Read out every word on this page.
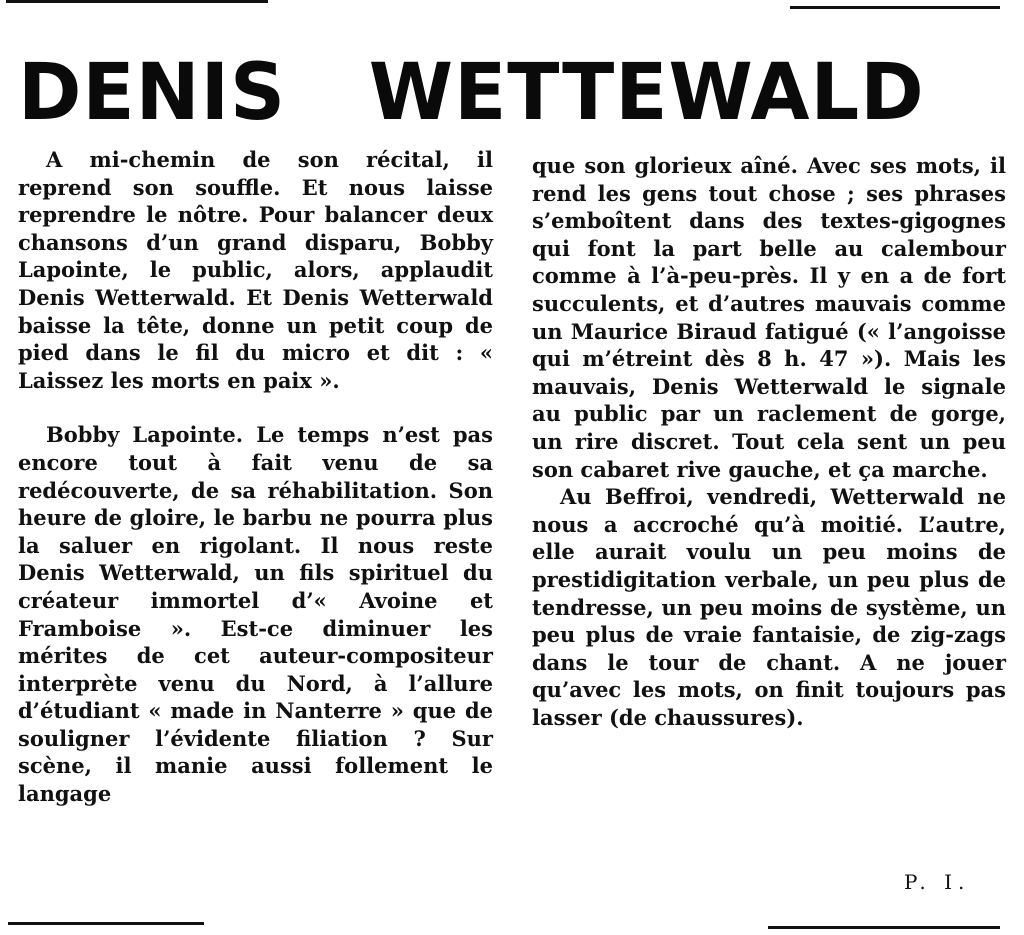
DENIS   WETTEWALD

A mi-chemin de son récital, il reprend son souffle. Et nous laisse reprendre le nôtre. Pour balancer deux chansons d’un grand disparu, Bobby Lapointe, le public, alors, applaudit Denis Wetterwald. Et Denis Wetterwald baisse la tête, donne un petit coup de pied dans le fil du micro et dit : « Laissez les morts en paix ».

Bobby Lapointe. Le temps n’est pas encore tout à fait venu de sa redécouverte, de sa réhabilitation. Son heure de gloire, le barbu ne pourra plus la saluer en rigolant. Il nous reste Denis Wetterwald, un fils spirituel du créateur immortel d’« Avoine et Framboise ». Est-ce diminuer les mérites de cet auteur-compositeur interprète venu du Nord, à l’allure d’étudiant « made in Nanterre » que de souligner l’évidente filiation ? Sur scène, il manie aussi follement le langage

que son glorieux aîné. Avec ses mots, il rend les gens tout chose ; ses phrases s’emboîtent dans des textes-gigognes qui font la part belle au calembour comme à l’à-peu-près. Il y en a de fort succulents, et d’autres mauvais comme un Maurice Biraud fatigué (« l’angoisse qui m’étreint dès 8 h. 47 »). Mais les mauvais, Denis Wetterwald le signale au public par un raclement de gorge, un rire discret. Tout cela sent un peu son cabaret rive gauche, et ça marche.

Au Beffroi, vendredi, Wetterwald ne nous a accroché qu’à moitié. L’autre, elle aurait voulu un peu moins de prestidigitation verbale, un peu plus de tendresse, un peu moins de système, un peu plus de vraie fantaisie, de zig-zags dans le tour de chant. A ne jouer qu’avec les mots, on finit toujours pas lasser (de chaussures).

P. I.
